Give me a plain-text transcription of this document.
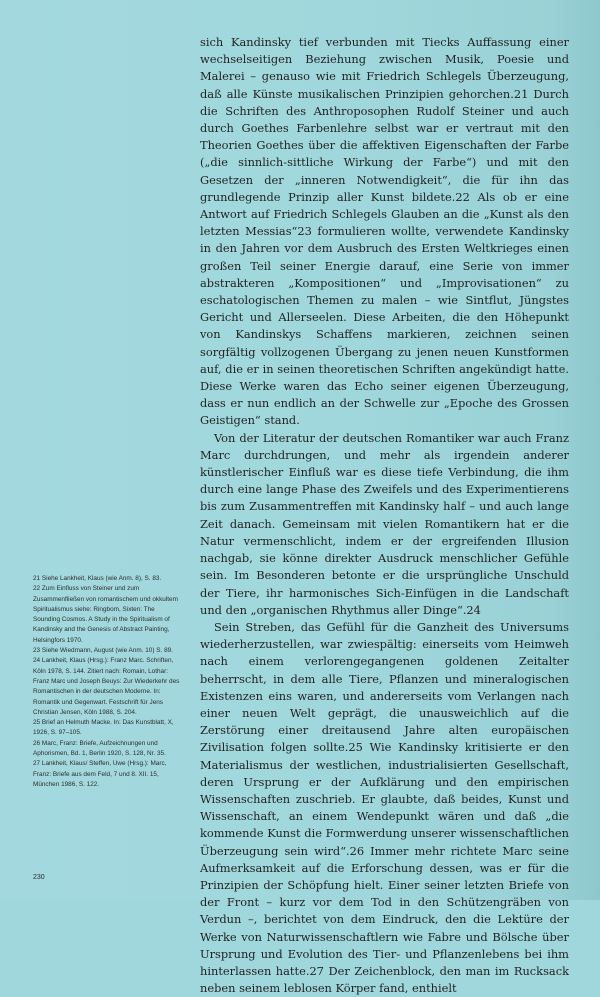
sich Kandinsky tief verbunden mit Tiecks Auffassung einer wechselseitigen Beziehung zwischen Musik, Poesie und Malerei – genauso wie mit Friedrich Schlegels Überzeugung, daß alle Künste musikalischen Prinzipien gehorchen.21 Durch die Schriften des Anthroposophen Rudolf Steiner und auch durch Goethes Farbenlehre selbst war er vertraut mit den Theorien Goethes über die affektiven Eigenschaften der Farbe („die sinnlich-sittliche Wirkung der Farbe“) und mit den Gesetzen der „inneren Notwendigkeit“, die für ihn das grundlegende Prinzip aller Kunst bildete.22 Als ob er eine Antwort auf Friedrich Schlegels Glauben an die „Kunst als den letzten Messias“23 formulieren wollte, verwendete Kandinsky in den Jahren vor dem Ausbruch des Ersten Weltkrieges einen großen Teil seiner Energie darauf, eine Serie von immer abstrakteren „Kompositionen“ und „Improvisationen“ zu eschatologischen Themen zu malen – wie Sintflut, Jüngstes Gericht und Allerseelen. Diese Arbeiten, die den Höhepunkt von Kandinskys Schaffens markieren, zeichnen seinen sorgfältig vollzogenen Übergang zu jenen neuen Kunstformen auf, die er in seinen theoretischen Schriften angekündigt hatte. Diese Werke waren das Echo seiner eigenen Überzeugung, dass er nun endlich an der Schwelle zur „Epoche des Grossen Geistigen“ stand.

Von der Literatur der deutschen Romantiker war auch Franz Marc durchdrungen, und mehr als irgendein anderer künstlerischer Einfluß war es diese tiefe Verbindung, die ihm durch eine lange Phase des Zweifels und des Experimentierens bis zum Zusammentreffen mit Kandinsky half – und auch lange Zeit danach. Gemeinsam mit vielen Romantikern hat er die Natur vermenschlicht, indem er der ergreifenden Illusion nachgab, sie könne direkter Ausdruck menschlicher Gefühle sein. Im Besonderen betonte er die ursprüngliche Unschuld der Tiere, ihr harmonisches Sich-Einfügen in die Landschaft und den „organischen Rhythmus aller Dinge“.24

Sein Streben, das Gefühl für die Ganzheit des Universums wiederherzustellen, war zwiespältig: einerseits vom Heimweh nach einem verlorengegangenen goldenen Zeitalter beherrscht, in dem alle Tiere, Pflanzen und mineralogischen Existenzen eins waren, und andererseits vom Verlangen nach einer neuen Welt geprägt, die unausweichlich auf die Zerstörung einer dreitausend Jahre alten europäischen Zivilisation folgen sollte.25 Wie Kandinsky kritisierte er den Materialismus der westlichen, industrialisierten Gesellschaft, deren Ursprung er der Aufklärung und den empirischen Wissenschaften zuschrieb. Er glaubte, daß beides, Kunst und Wissenschaft, an einem Wendepunkt wären und daß „die kommende Kunst die Formwerdung unserer wissenschaftlichen Überzeugung sein wird“.26 Immer mehr richtete Marc seine Aufmerksamkeit auf die Erforschung dessen, was er für die Prinzipien der Schöpfung hielt. Einer seiner letzten Briefe von der Front – kurz vor dem Tod in den Schützengräben von Verdun –, berichtet von dem Eindruck, den die Lektüre der Werke von Naturwissenschaftlern wie Fabre und Bölsche über Ursprung und Evolution des Tier- und Pflanzenlebens bei ihm hinterlassen hatte.27 Der Zeichenblock, den man im Rucksack neben seinem leblosen Körper fand, enthielt

21 Siehe Lankheit, Klaus (wie Anm. 8), S. 83.

22 Zum Einfluss von Steiner und zum Zusammenfließen von romantischem und okkultem Spiritualismus siehe: Ringbom, Sixten: The Sounding Cosmos. A Study in the Spiritualism of Kandinsky and the Genesis of Abstract Painting, Helsingfors 1970.

23 Siehe Wiedmann, August (wie Anm. 10) S. 89.

24 Lankheit, Klaus (Hrsg.): Franz Marc. Schriften, Köln 1978, S. 144. Zitiert nach: Romain, Lothar: Franz Marc und Joseph Beuys: Zur Wiederkehr des Romantischen in der deutschen Moderne. In: Romantik und Gegenwart. Festschrift für Jens Christian Jensen, Köln 1988, S. 204.

25 Brief an Helmuth Macke. In: Das Kunstblatt, X, 1926, S. 97–105.

26 Marc, Franz: Briefe, Aufzeichnungen und Aphorismen, Bd. 1, Berlin 1920, S. 128, Nr. 35.

27 Lankheit, Klaus/ Steffen, Uwe (Hrsg.): Marc, Franz: Briefe aus dem Feld, 7 und 8. XII. 15, München 1986, S. 122.

230
